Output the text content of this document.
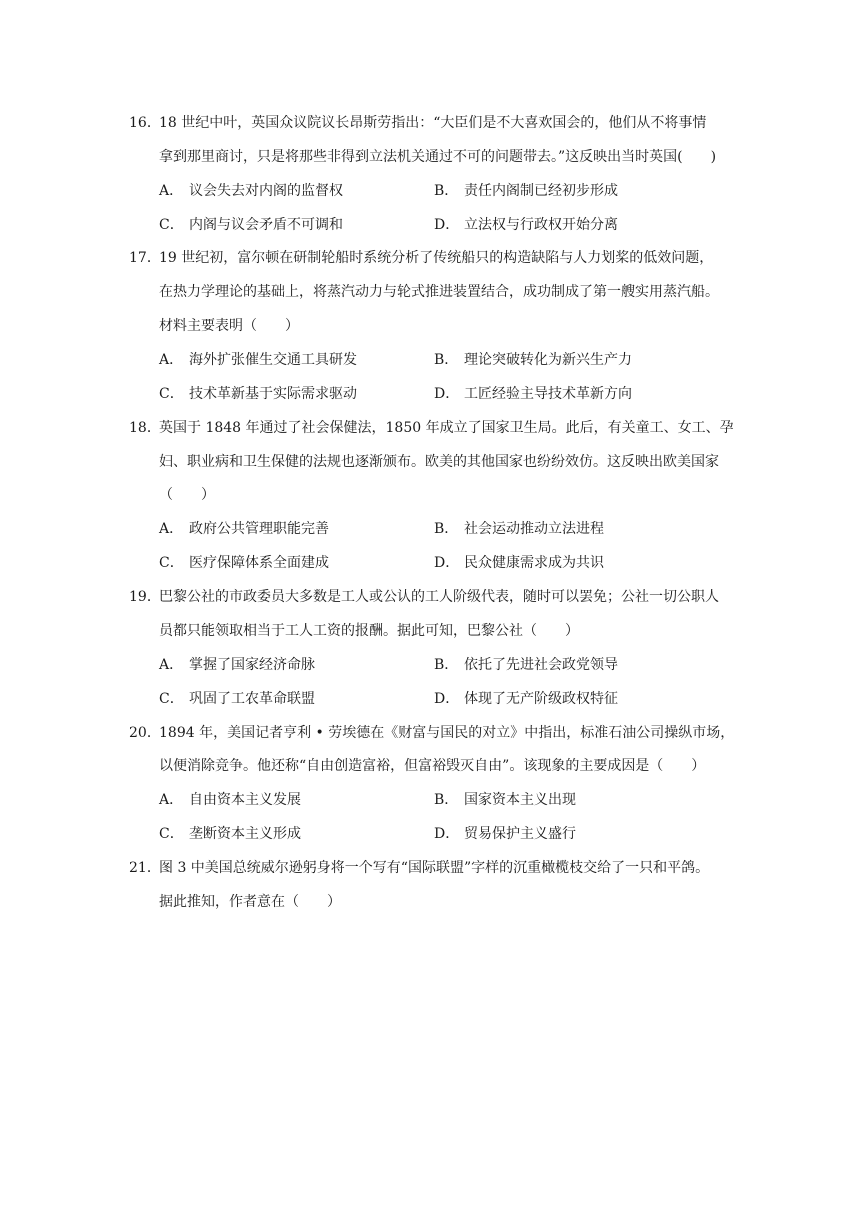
16．
18 世纪中叶，英国众议院议长昂斯劳指出：“大臣们是不大喜欢国会的，他们从不将事情
拿到那里商讨，只是将那些非得到立法机关通过不可的问题带去。”这反映出当时英国(　　)
A． 议会失去对内阁的监督权	B． 责任内阁制已经初步形成
C． 内阁与议会矛盾不可调和	D． 立法权与行政权开始分离
17．
19 世纪初，富尔顿在研制轮船时系统分析了传统船只的构造缺陷与人力划桨的低效问题，
在热力学理论的基础上，将蒸汽动力与轮式推进装置结合，成功制成了第一艘实用蒸汽船。
材料主要表明（　　）
A． 海外扩张催生交通工具研发	B． 理论突破转化为新兴生产力
C． 技术革新基于实际需求驱动	D． 工匠经验主导技术革新方向
18．
英国于 1848 年通过了社会保健法，1850 年成立了国家卫生局。此后，有关童工、女工、孕
妇、职业病和卫生保健的法规也逐渐颁布。欧美的其他国家也纷纷效仿。这反映出欧美国家
（　　）
A． 政府公共管理职能完善	B． 社会运动推动立法进程
C． 医疗保障体系全面建成	D． 民众健康需求成为共识
19．
巴黎公社的市政委员大多数是工人或公认的工人阶级代表，随时可以罢免；公社一切公职人
员都只能领取相当于工人工资的报酬。据此可知，巴黎公社（　　）
A． 掌握了国家经济命脉	B． 依托了先进社会政党领导
C． 巩固了工农革命联盟	D． 体现了无产阶级政权特征
20．
1894 年，美国记者亨利 • 劳埃德在《财富与国民的对立》中指出，标准石油公司操纵市场，
以便消除竞争。他还称“自由创造富裕，但富裕毁灭自由”。该现象的主要成因是（　　）
A． 自由资本主义发展	B． 国家资本主义出现
C． 垄断资本主义形成	D． 贸易保护主义盛行
21．
图 3 中美国总统威尔逊躬身将一个写有“国际联盟”字样的沉重橄榄枝交给了一只和平鸽。
据此推知，作者意在（　　）
